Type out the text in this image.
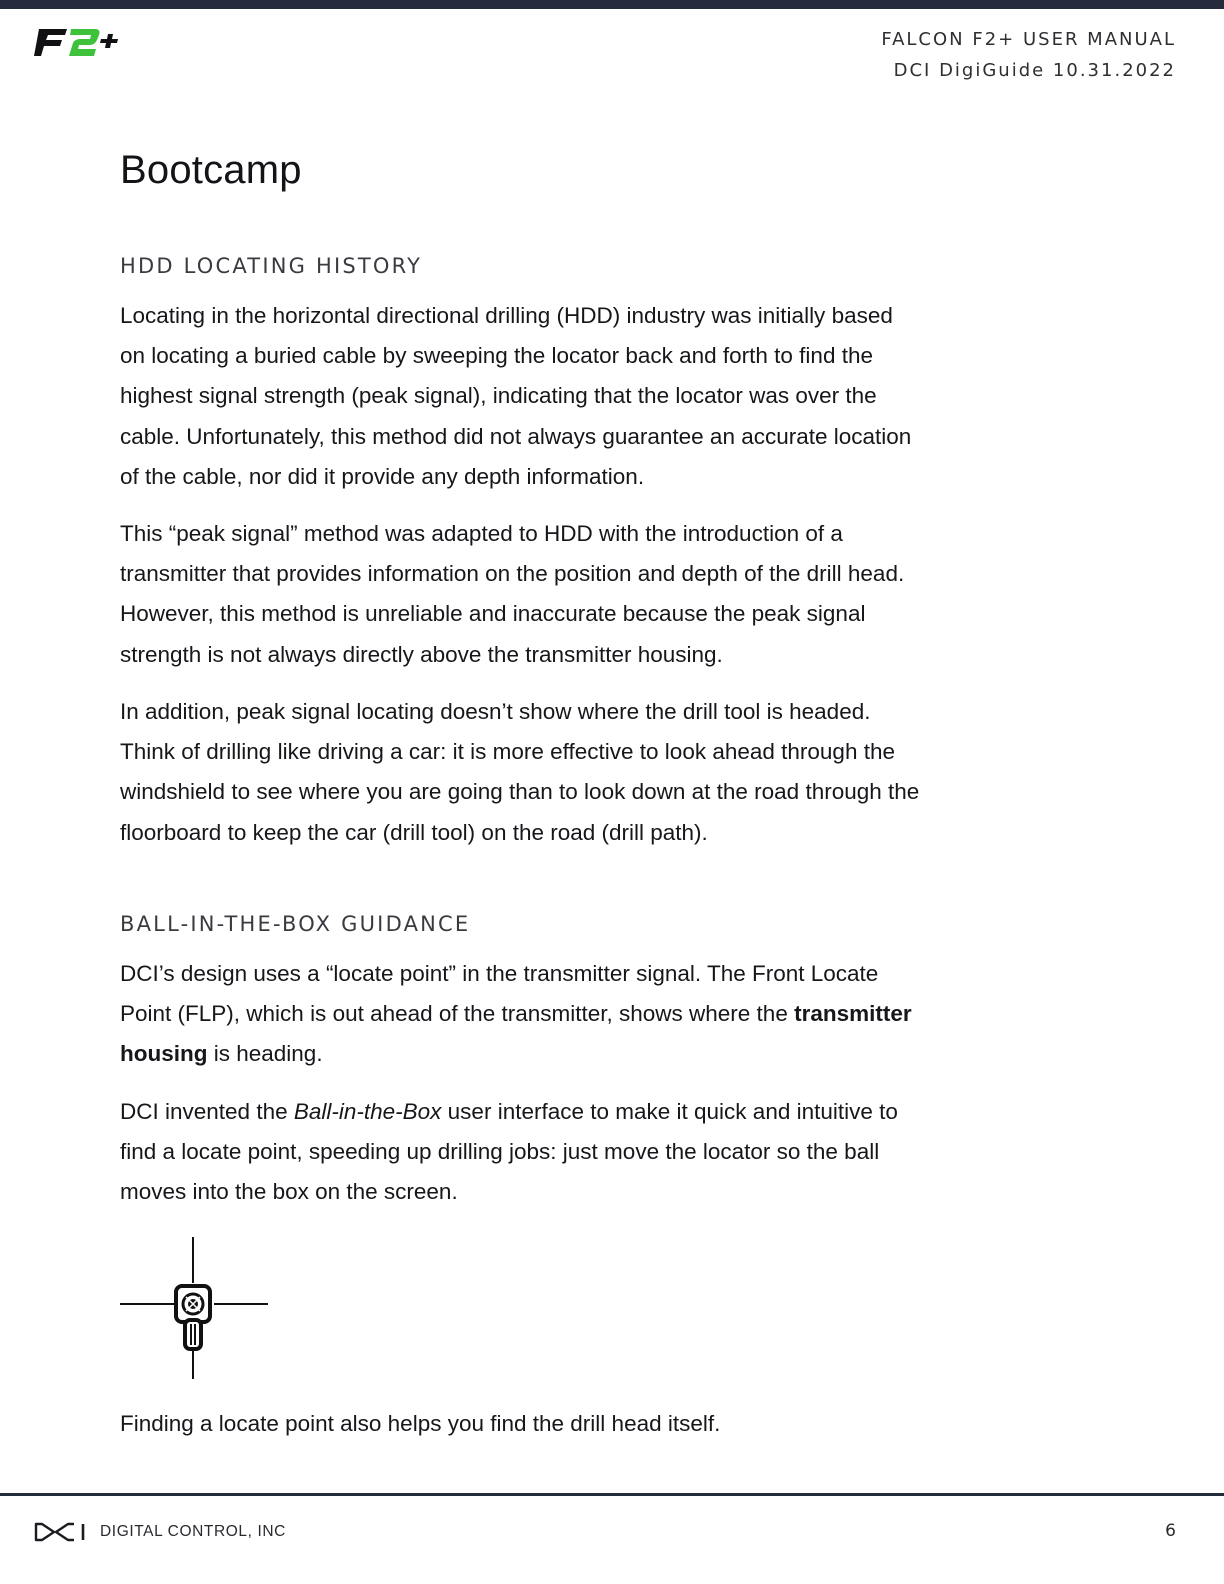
FALCON F2+ USER MANUAL
DCI DigiGuide 10.31.2022
Bootcamp
HDD LOCATING HISTORY

Locating in the horizontal directional drilling (HDD) industry was initially based on locating a buried cable by sweeping the locator back and forth to find the highest signal strength (peak signal), indicating that the locator was over the cable. Unfortunately, this method did not always guarantee an accurate location of the cable, nor did it provide any depth information.

This “peak signal” method was adapted to HDD with the introduction of a transmitter that provides information on the position and depth of the drill head. However, this method is unreliable and inaccurate because the peak signal strength is not always directly above the transmitter housing.

In addition, peak signal locating doesn’t show where the drill tool is headed. Think of drilling like driving a car: it is more effective to look ahead through the windshield to see where you are going than to look down at the road through the floorboard to keep the car (drill tool) on the road (drill path).

BALL-IN-THE-BOX GUIDANCE

DCI’s design uses a “locate point” in the transmitter signal. The Front Locate Point (FLP), which is out ahead of the transmitter, shows where the transmitter housing is heading.

DCI invented the Ball-in-the-Box user interface to make it quick and intuitive to find a locate point, speeding up drilling jobs: just move the locator so the ball moves into the box on the screen.

Finding a locate point also helps you find the drill head itself.

DIGITAL CONTROL, INC	6
